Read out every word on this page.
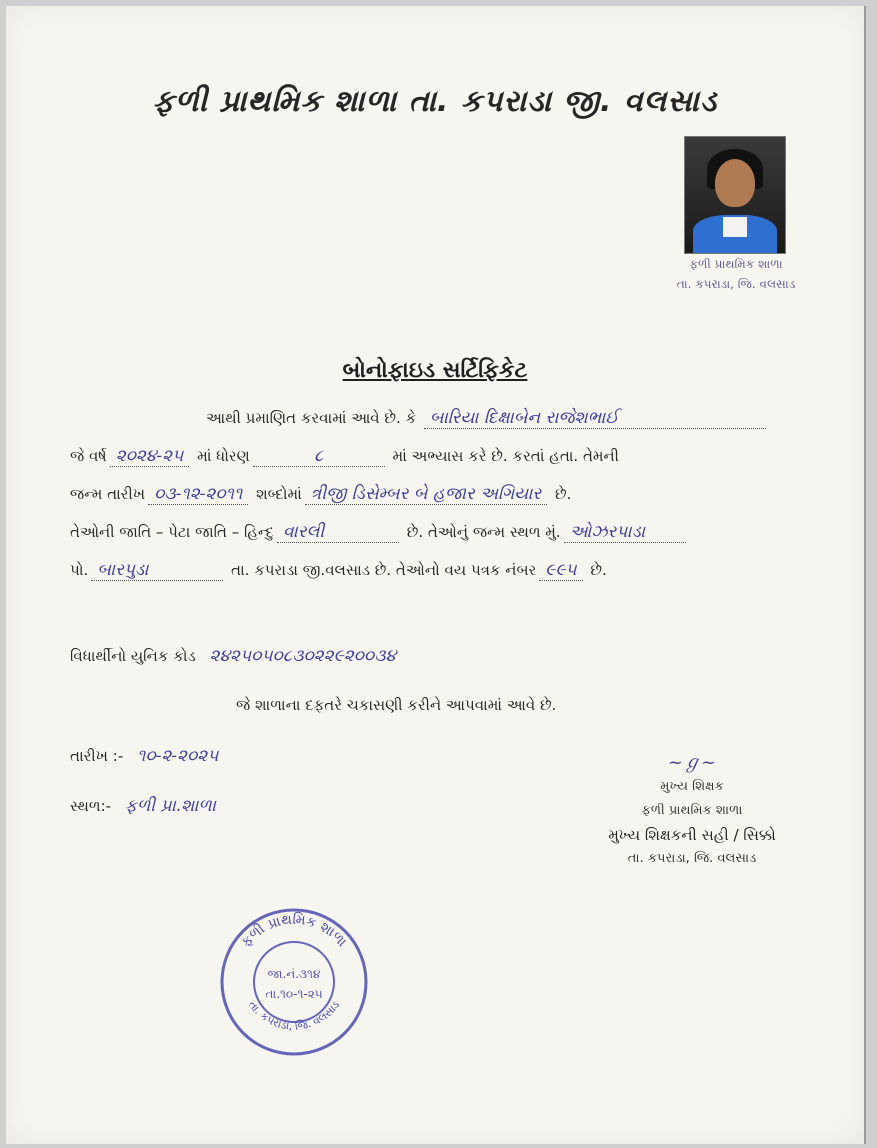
ફળી પ્રાથમિક શાળા તા. કપરાડા જી. વલસાડ
ફળી પ્રાથમિક શાળા
તા. કપરાડા, જિ. વલસાડ
બોનોફાઇડ સર્ટિફિકેટ
આથી પ્રમાણિત કરવામાં આવે છે. કે બારિયા દિક્ષાબેન રાજેશભાઈ
જે વર્ષ ૨૦૨૪-૨૫ માં ધોરણ	૮	માં અભ્યાસ કરે છે. કરતાં હતા. તેમની
જન્મ તારીખ ૦૩-૧૨-૨૦૧૧ શબ્દોમાં ત્રીજી ડિસેમ્બર બે હજાર અગિયાર છે.
તેઓની જાતિ – પેટા જાતિ – હિન્દુ વારલી	છે. તેઓનું જન્મ સ્થળ મું. ઓઝરપાડા
પો. બારપુડા	તા. કપરાડા જી.વલસાડ છે. તેઓનો વય પત્રક નંબર ૯૯૫ છે.
વિધાર્થીનો યુનિક કોડ ૨૪૨૫૦૫૦૮૩૦૨૨૯૨૦૦૩૪
જે શાળાના દફતરે ચકાસણી કરીને આપવામાં આવે છે.
તારીખ :- ૧૦-૨-૨૦૨૫
સ્થળ:- ફળી પ્રા.શાળા
~ℊ~
મુખ્ય શિક્ષક
ફળી પ્રાથમિક શાળા
મુખ્ય શિક્ષકની સહી / સિક્કો
તા. કપરાડા, જિ. વલસાડ
ફળી પ્રાથમિક શાળા
તા. કપરાડા, જિ. વલસાડ
જા.નં.૩૧૪
તા.૧૦-૧-૨૫
